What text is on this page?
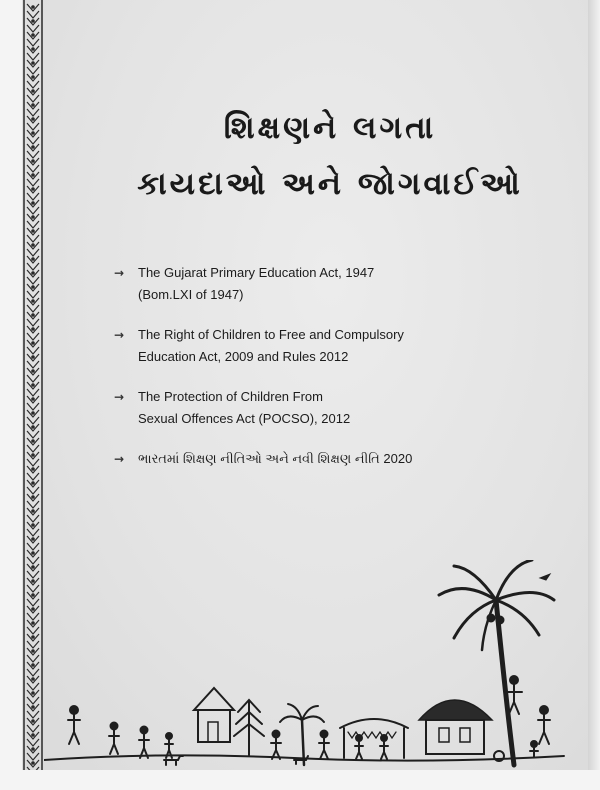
શિક્ષણને લગતા
કાયદાઓ અને જોગવાઈઓ
→	The Gujarat Primary Education Act, 1947
(Bom.LXI of 1947)
→	The Right of Children to Free and Compulsory
Education Act, 2009 and Rules 2012
→	The Protection of Children From
Sexual Offences Act (POCSO), 2012
→	ભારતમાં શિક્ષણ નીતિઓ અને નવી શિક્ષણ નીતિ 2020
